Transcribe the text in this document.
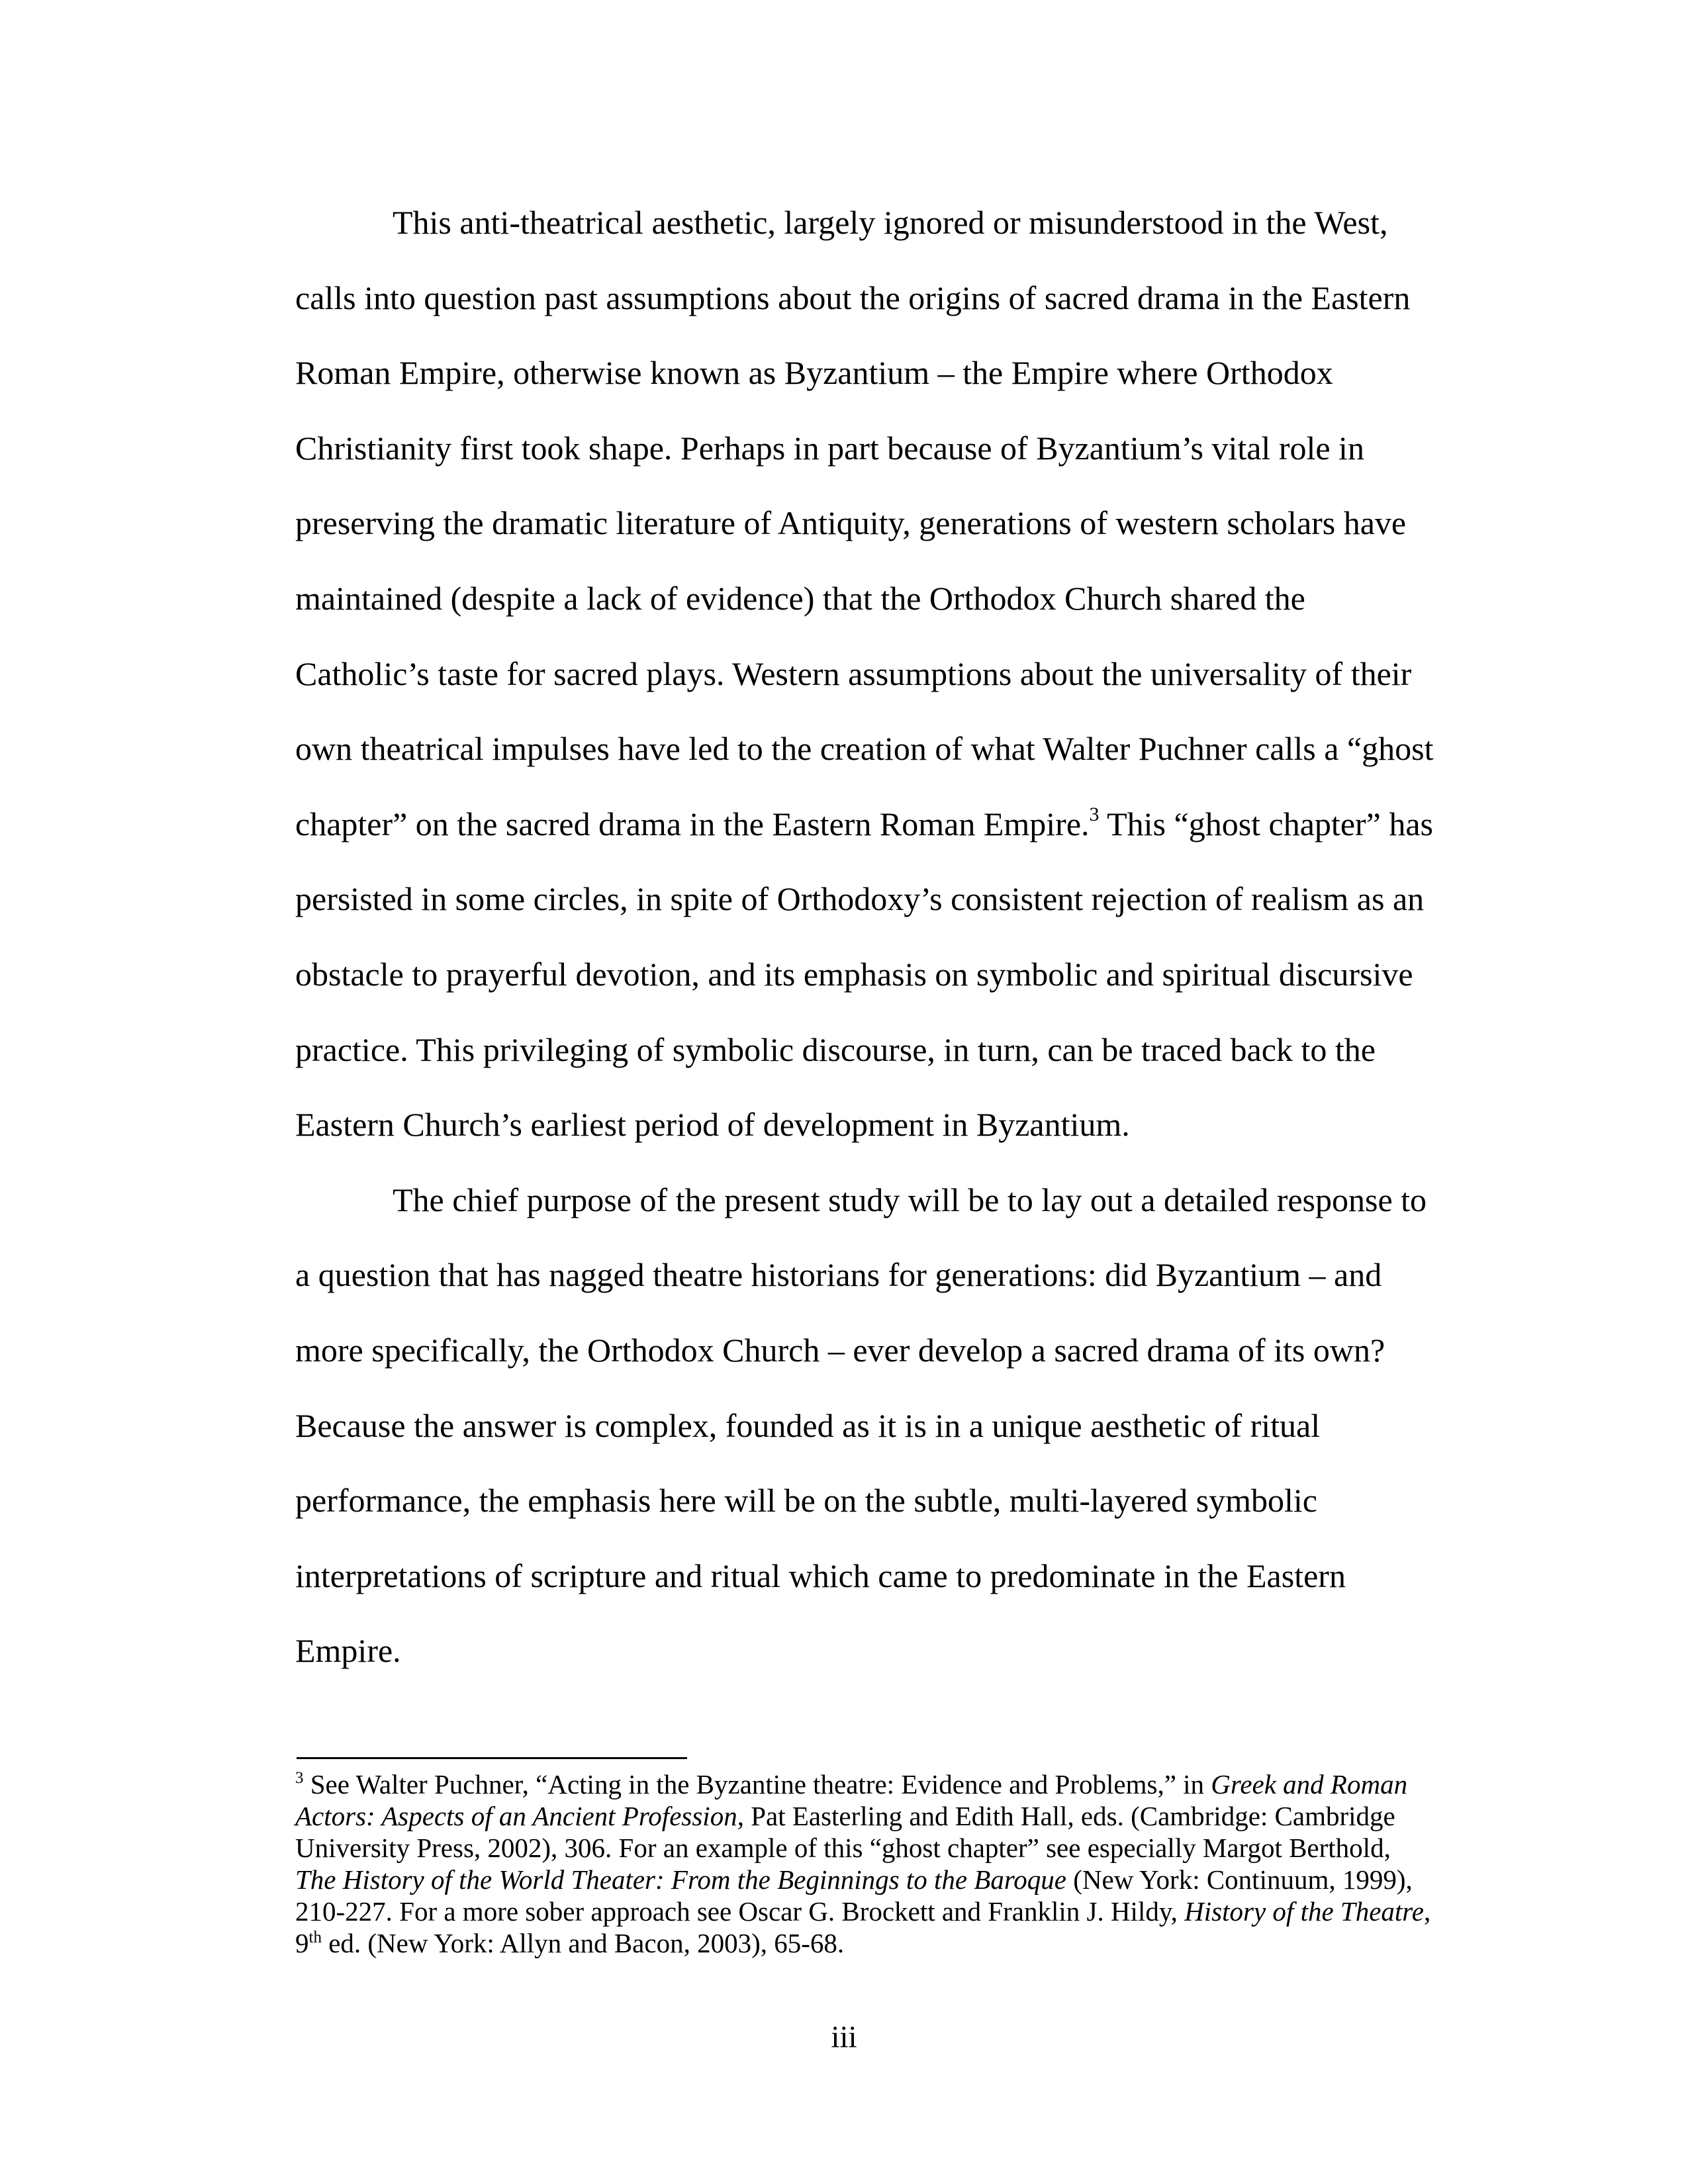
This anti-theatrical aesthetic, largely ignored or misunderstood in the West, calls into question past assumptions about the origins of sacred drama in the Eastern Roman Empire, otherwise known as Byzantium – the Empire where Orthodox Christianity first took shape. Perhaps in part because of Byzantium’s vital role in preserving the dramatic literature of Antiquity, generations of western scholars have maintained (despite a lack of evidence) that the Orthodox Church shared the Catholic’s taste for sacred plays. Western assumptions about the universality of their own theatrical impulses have led to the creation of what Walter Puchner calls a “ghost chapter” on the sacred drama in the Eastern Roman Empire.$^3$ This “ghost chapter” has persisted in some circles, in spite of Orthodoxy’s consistent rejection of realism as an obstacle to prayerful devotion, and its emphasis on symbolic and spiritual discursive practice. This privileging of symbolic discourse, in turn, can be traced back to the Eastern Church’s earliest period of development in Byzantium.

The chief purpose of the present study will be to lay out a detailed response to a question that has nagged theatre historians for generations: did Byzantium – and more specifically, the Orthodox Church – ever develop a sacred drama of its own? Because the answer is complex, founded as it is in a unique aesthetic of ritual performance, the emphasis here will be on the subtle, multi-layered symbolic interpretations of scripture and ritual which came to predominate in the Eastern Empire.

$^3$ See Walter Puchner, “Acting in the Byzantine theatre: Evidence and Problems,” in Greek and Roman Actors: Aspects of an Ancient Profession, Pat Easterling and Edith Hall, eds. (Cambridge: Cambridge University Press, 2002), 306. For an example of this “ghost chapter” see especially Margot Berthold, The History of the World Theater: From the Beginnings to the Baroque (New York: Continuum, 1999), 210-227. For a more sober approach see Oscar G. Brockett and Franklin J. Hildy, History of the Theatre, 9th ed. (New York: Allyn and Bacon, 2003), 65-68.

iii
